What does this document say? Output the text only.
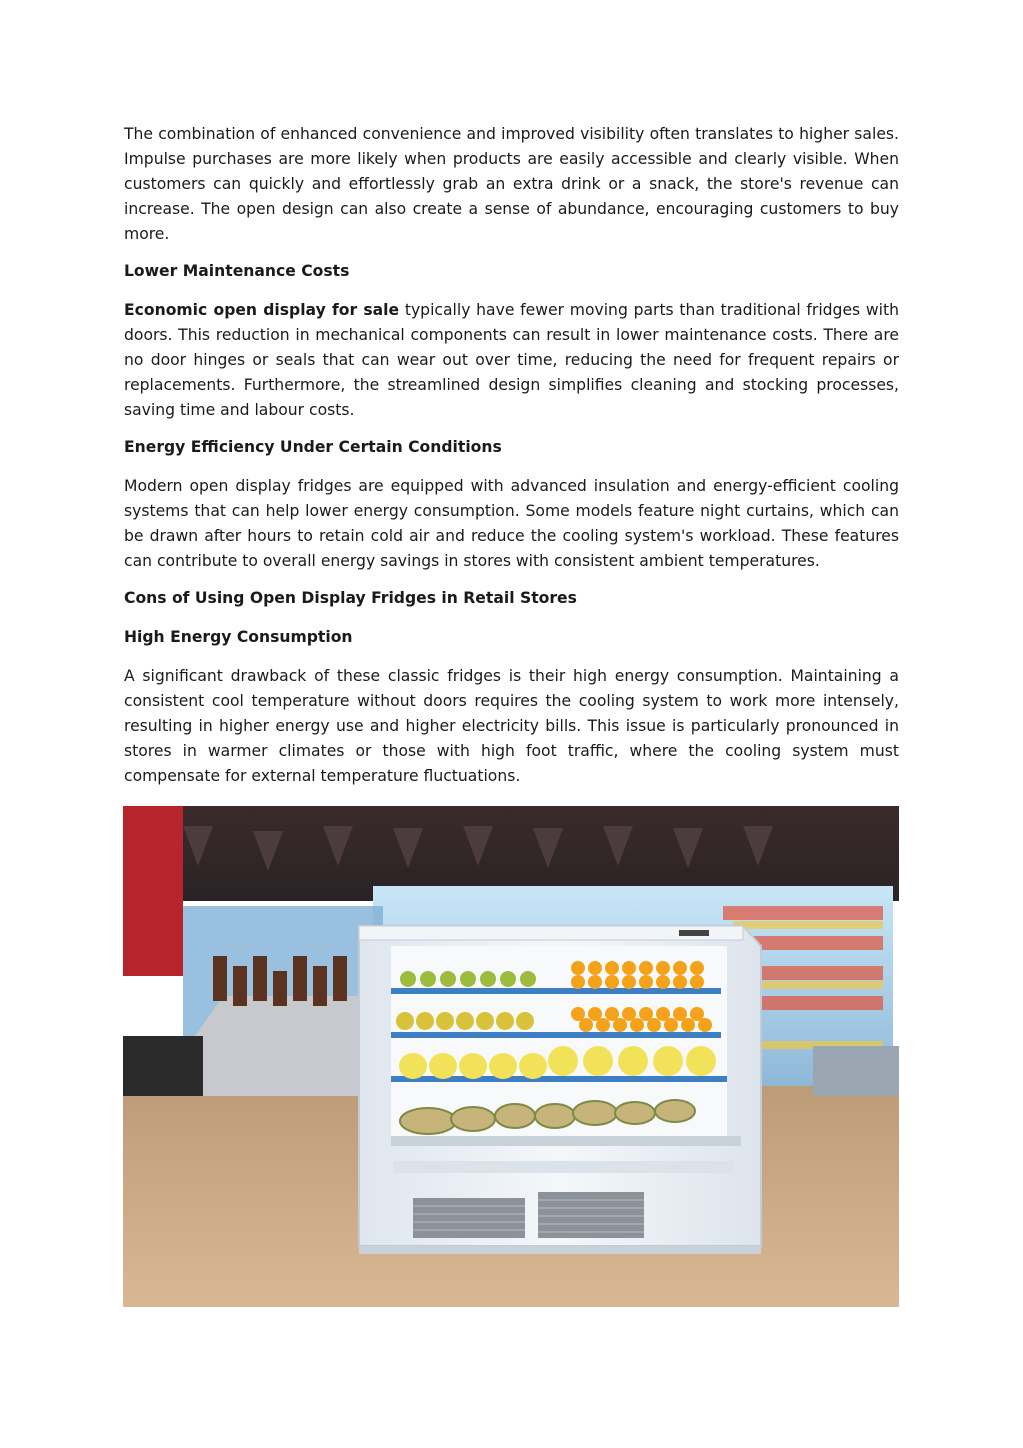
The combination of enhanced convenience and improved visibility often translates to higher sales. Impulse purchases are more likely when products are easily accessible and clearly visible. When customers can quickly and effortlessly grab an extra drink or a snack, the store's revenue can increase. The open design can also create a sense of abundance, encouraging customers to buy more.

Lower Maintenance Costs

Economic open display for sale typically have fewer moving parts than traditional fridges with doors. This reduction in mechanical components can result in lower maintenance costs. There are no door hinges or seals that can wear out over time, reducing the need for frequent repairs or replacements. Furthermore, the streamlined design simplifies cleaning and stocking processes, saving time and labour costs.

Energy Efficiency Under Certain Conditions

Modern open display fridges are equipped with advanced insulation and energy-efficient cooling systems that can help lower energy consumption. Some models feature night curtains, which can be drawn after hours to retain cold air and reduce the cooling system's workload. These features can contribute to overall energy savings in stores with consistent ambient temperatures.

Cons of Using Open Display Fridges in Retail Stores
High Energy Consumption

A significant drawback of these classic fridges is their high energy consumption. Maintaining a consistent cool temperature without doors requires the cooling system to work more intensely, resulting in higher energy use and higher electricity bills. This issue is particularly pronounced in stores in warmer climates or those with high foot traffic, where the cooling system must compensate for external temperature fluctuations.
